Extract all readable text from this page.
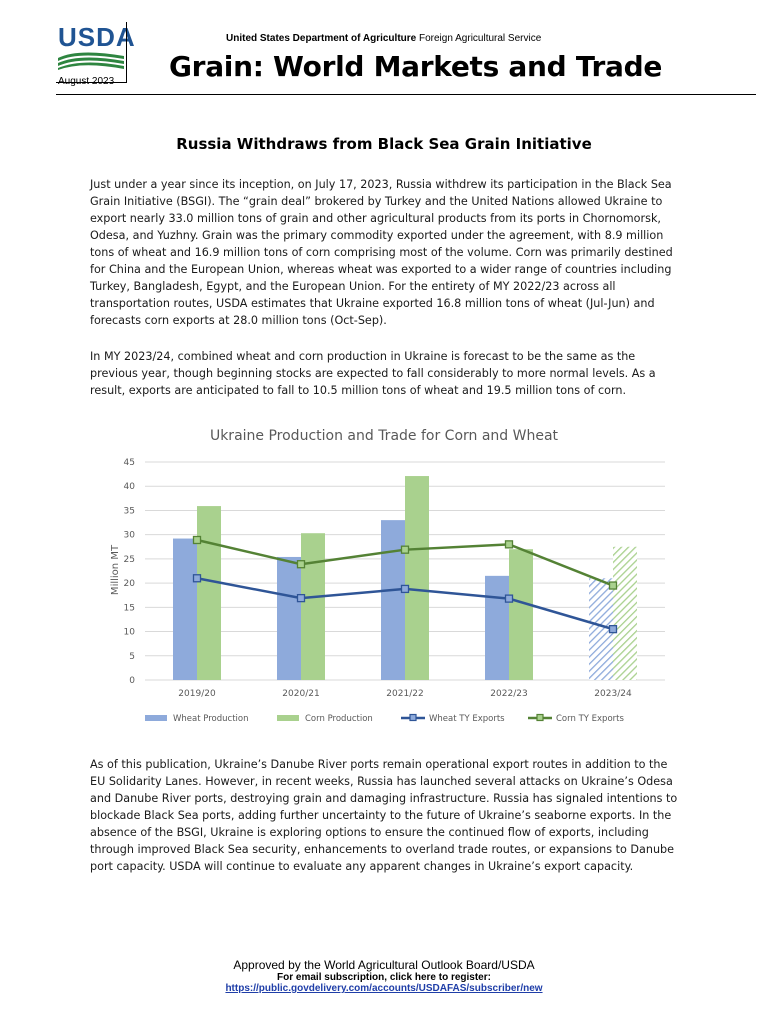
USDA
August 2023
United States Department of Agriculture Foreign Agricultural Service
Grain: World Markets and Trade
Russia Withdraws from Black Sea Grain Initiative
Just under a year since its inception, on July 17, 2023, Russia withdrew its participation in the Black Sea Grain Initiative (BSGI). The “grain deal” brokered by Turkey and the United Nations allowed Ukraine to export nearly 33.0 million tons of grain and other agricultural products from its ports in Chornomorsk, Odesa, and Yuzhny. Grain was the primary commodity exported under the agreement, with 8.9 million tons of wheat and 16.9 million tons of corn comprising most of the volume. Corn was primarily destined for China and the European Union, whereas wheat was exported to a wider range of countries including Turkey, Bangladesh, Egypt, and the European Union. For the entirety of MY 2022/23 across all transportation routes, USDA estimates that Ukraine exported 16.8 million tons of wheat (Jul-Jun) and forecasts corn exports at 28.0 million tons (Oct-Sep).
In MY 2023/24, combined wheat and corn production in Ukraine is forecast to be the same as the previous year, though beginning stocks are expected to fall considerably to more normal levels. As a result, exports are anticipated to fall to 10.5 million tons of wheat and 19.5 million tons of corn.
Ukraine Production and Trade for Corn and Wheat
Million MT
0
5
10
15
20
25
30
35
40
45
2019/20	2020/21	2021/22	2022/23	2023/24
Wheat Production	Corn Production	Wheat TY Exports	Corn TY Exports
As of this publication, Ukraine’s Danube River ports remain operational export routes in addition to the EU Solidarity Lanes. However, in recent weeks, Russia has launched several attacks on Ukraine’s Odesa and Danube River ports, destroying grain and damaging infrastructure. Russia has signaled intentions to blockade Black Sea ports, adding further uncertainty to the future of Ukraine’s seaborne exports. In the absence of the BSGI, Ukraine is exploring options to ensure the continued flow of exports, including through improved Black Sea security, enhancements to overland trade routes, or expansions to Danube port capacity. USDA will continue to evaluate any apparent changes in Ukraine’s export capacity.
Approved by the World Agricultural Outlook Board/USDA
For email subscription, click here to register:
https://public.govdelivery.com/accounts/USDAFAS/subscriber/new
